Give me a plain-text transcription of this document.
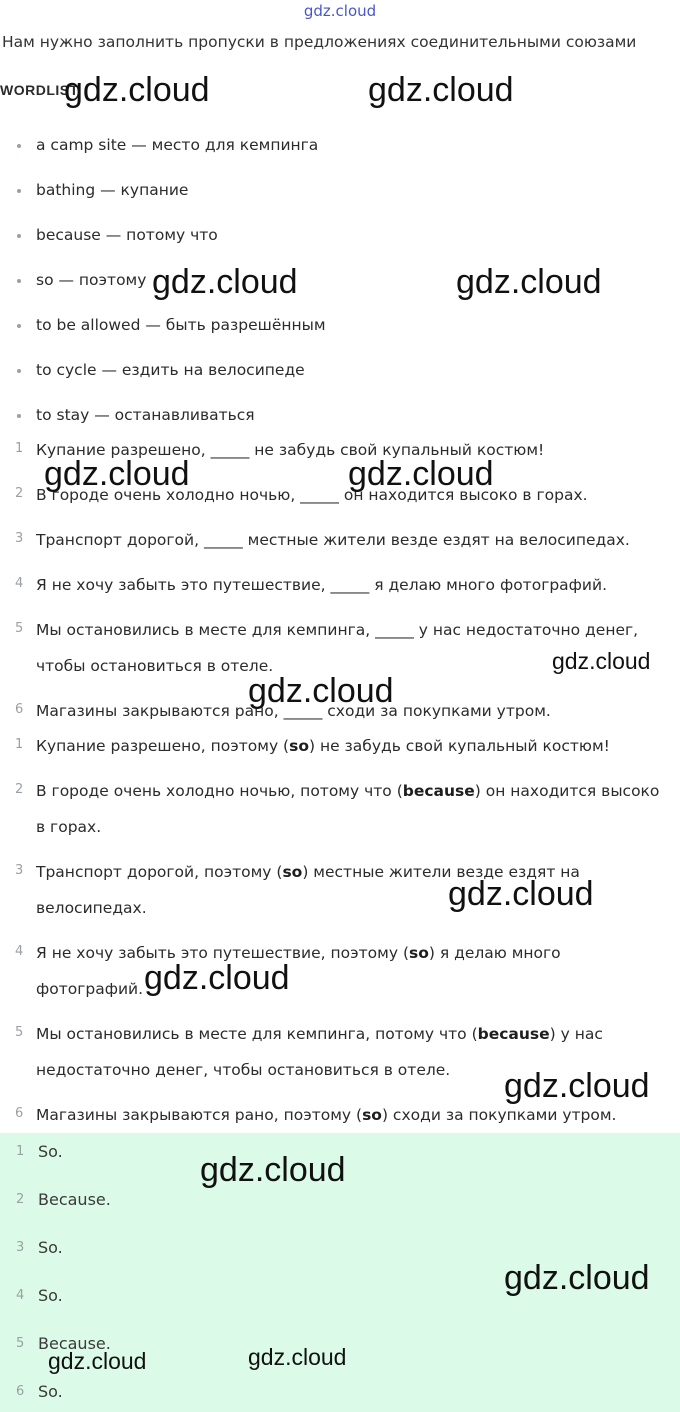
gdz.cloud
Нам нужно заполнить пропуски в предложениях соединительными союзами
WORDLIST
a camp site — место для кемпинга
bathing — купание
because — потому что
so — поэтому
to be allowed — быть разрешённым
to cycle — ездить на велосипеде
to stay — останавливаться
1 Купание разрешено, _____ не забудь свой купальный костюм!
2 В городе очень холодно ночью, _____ он находится высоко в горах.
3 Транспорт дорогой, _____ местные жители везде ездят на велосипедах.
4 Я не хочу забыть это путешествие, _____ я делаю много фотографий.
5 Мы остановились в месте для кемпинга, _____ у нас недостаточно денег,
чтобы остановиться в отеле.
6 Магазины закрываются рано, _____ сходи за покупками утром.
1 Купание разрешено, поэтому (so) не забудь свой купальный костюм!
2 В городе очень холодно ночью, потому что (because) он находится высоко
в горах.
3 Транспорт дорогой, поэтому (so) местные жители везде ездят на
велосипедах.
4 Я не хочу забыть это путешествие, поэтому (so) я делаю много
фотографий.
5 Мы остановились в месте для кемпинга, потому что (because) у нас
недостаточно денег, чтобы остановиться в отеле.
6 Магазины закрываются рано, поэтому (so) сходи за покупками утром.
1 So.
2 Because.
3 So.
4 So.
5 Because.
6 So.
gdz.cloud	gdz.cloud
gdz.cloud	gdz.cloud
gdz.cloud	gdz.cloud
gdz.cloud
gdz.cloud
gdz.cloud
gdz.cloud
gdz.cloud
gdz.cloud
gdz.cloud
gdz.cloud	gdz.cloud
